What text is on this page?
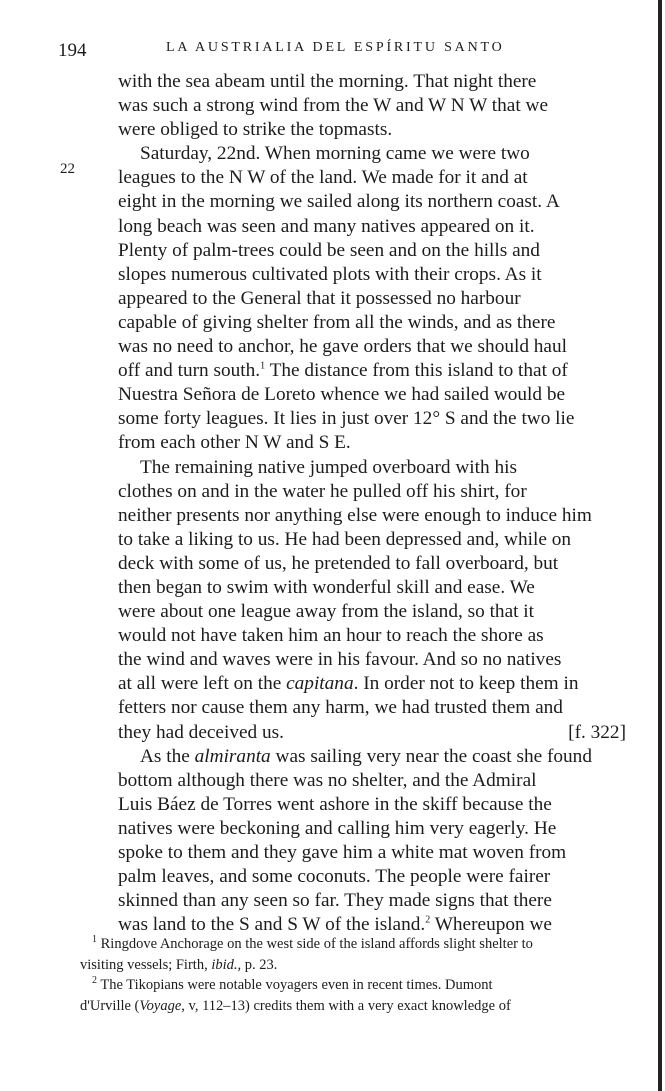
194	LA AUSTRIALIA DEL ESPÍRITU SANTO
22
with the sea abeam until the morning. That night there
was such a strong wind from the W and W N W that we
were obliged to strike the topmasts.
Saturday, 22nd. When morning came we were two
leagues to the N W of the land. We made for it and at
eight in the morning we sailed along its northern coast. A
long beach was seen and many natives appeared on it.
Plenty of palm-trees could be seen and on the hills and
slopes numerous cultivated plots with their crops. As it
appeared to the General that it possessed no harbour
capable of giving shelter from all the winds, and as there
was no need to anchor, he gave orders that we should haul
off and turn south.$^1$ The distance from this island to that of
Nuestra Señora de Loreto whence we had sailed would be
some forty leagues. It lies in just over 12° S and the two lie
from each other N W and S E.
The remaining native jumped overboard with his
clothes on and in the water he pulled off his shirt, for
neither presents nor anything else were enough to induce him
to take a liking to us. He had been depressed and, while on
deck with some of us, he pretended to fall overboard, but
then began to swim with wonderful skill and ease. We
were about one league away from the island, so that it
would not have taken him an hour to reach the shore as
the wind and waves were in his favour. And so no natives
at all were left on the capitana. In order not to keep them in
fetters nor cause them any harm, we had trusted them and
they had deceived us.	[f. 322]
As the almiranta was sailing very near the coast she found
bottom although there was no shelter, and the Admiral
Luis Báez de Torres went ashore in the skiff because the
natives were beckoning and calling him very eagerly. He
spoke to them and they gave him a white mat woven from
palm leaves, and some coconuts. The people were fairer
skinned than any seen so far. They made signs that there
was land to the S and S W of the island.$^2$ Whereupon we
$^1$ Ringdove Anchorage on the west side of the island affords slight shelter to
visiting vessels; Firth, ibid., p. 23.
$^2$ The Tikopians were notable voyagers even in recent times. Dumont
d'Urville (Voyage, v, 112–13) credits them with a very exact knowledge of
